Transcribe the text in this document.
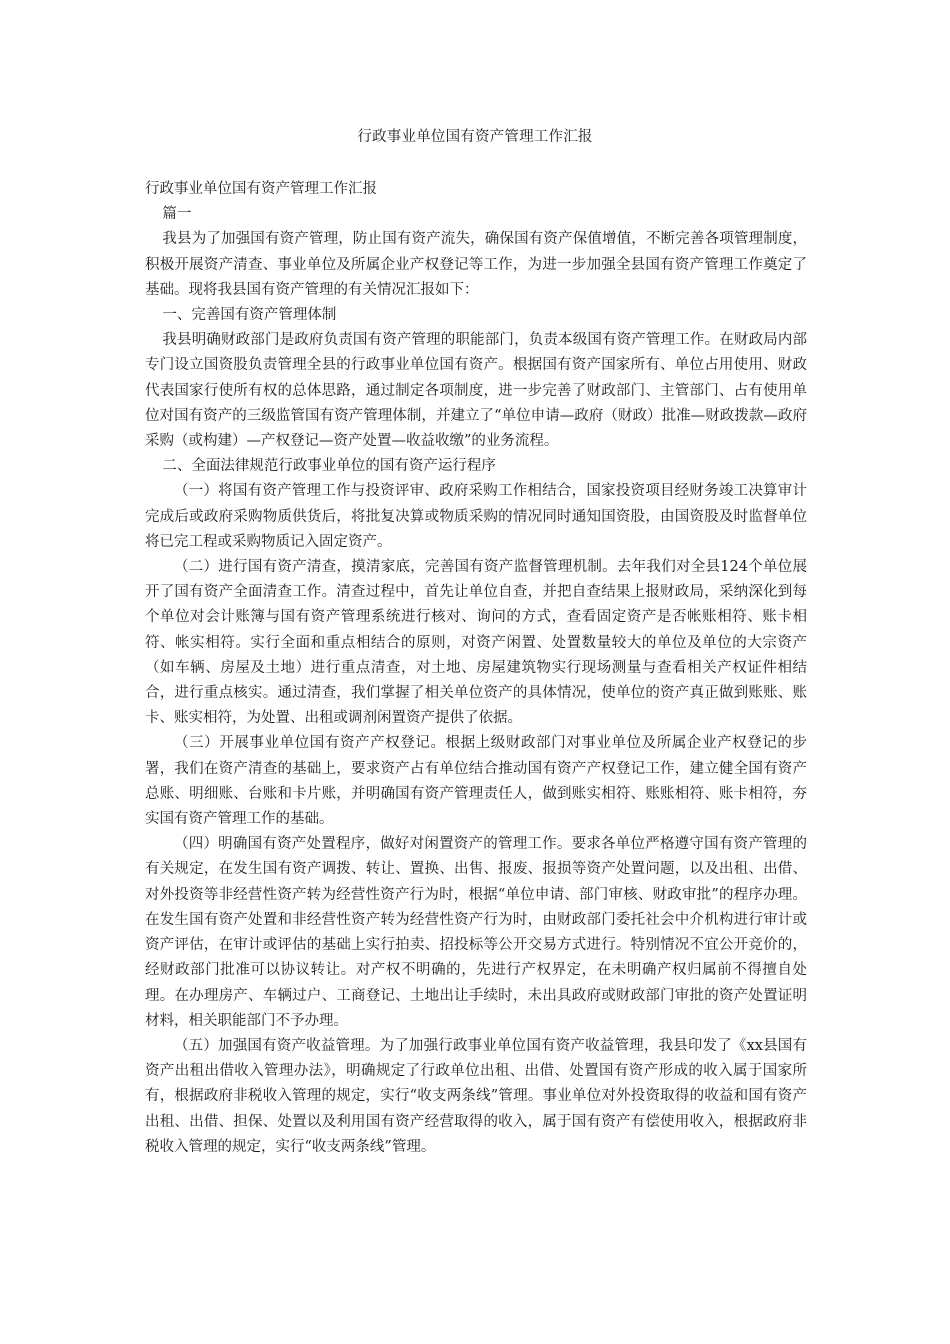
行政事业单位国有资产管理工作汇报

行政事业单位国有资产管理工作汇报

篇一

我县为了加强国有资产管理，防止国有资产流失，确保国有资产保值增值，不断完善各项管理制度，积极开展资产清查、事业单位及所属企业产权登记等工作，为进一步加强全县国有资产管理工作奠定了基础。现将我县国有资产管理的有关情况汇报如下：

一、完善国有资产管理体制

我县明确财政部门是政府负责国有资产管理的职能部门，负责本级国有资产管理工作。在财政局内部专门设立国资股负责管理全县的行政事业单位国有资产。根据国有资产国家所有、单位占用使用、财政代表国家行使所有权的总体思路，通过制定各项制度，进一步完善了财政部门、主管部门、占有使用单位对国有资产的三级监管国有资产管理体制，并建立了“单位申请—政府（财政）批准—财政拨款—政府采购（或构建）—产权登记—资产处置—收益收缴”的业务流程。

二、全面法律规范行政事业单位的国有资产运行程序

（一）将国有资产管理工作与投资评审、政府采购工作相结合，国家投资项目经财务竣工决算审计完成后或政府采购物质供货后，将批复决算或物质采购的情况同时通知国资股，由国资股及时监督单位将已完工程或采购物质记入固定资产。

（二）进行国有资产清查，摸清家底，完善国有资产监督管理机制。去年我们对全县124个单位展开了国有资产全面清查工作。清查过程中，首先让单位自查，并把自查结果上报财政局，采纳深化到每个单位对会计账簿与国有资产管理系统进行核对、询问的方式，查看固定资产是否帐账相符、账卡相符、帐实相符。实行全面和重点相结合的原则，对资产闲置、处置数量较大的单位及单位的大宗资产（如车辆、房屋及土地）进行重点清查，对土地、房屋建筑物实行现场测量与查看相关产权证件相结合，进行重点核实。通过清查，我们掌握了相关单位资产的具体情况，使单位的资产真正做到账账、账卡、账实相符，为处置、出租或调剂闲置资产提供了依据。

（三）开展事业单位国有资产产权登记。根据上级财政部门对事业单位及所属企业产权登记的步署，我们在资产清查的基础上，要求资产占有单位结合推动国有资产产权登记工作，建立健全国有资产总账、明细账、台账和卡片账，并明确国有资产管理责任人，做到账实相符、账账相符、账卡相符，夯实国有资产管理工作的基础。

（四）明确国有资产处置程序，做好对闲置资产的管理工作。要求各单位严格遵守国有资产管理的有关规定，在发生国有资产调拨、转让、置换、出售、报废、报损等资产处置问题，以及出租、出借、对外投资等非经营性资产转为经营性资产行为时，根据“单位申请、部门审核、财政审批”的程序办理。在发生国有资产处置和非经营性资产转为经营性资产行为时，由财政部门委托社会中介机构进行审计或资产评估，在审计或评估的基础上实行拍卖、招投标等公开交易方式进行。特别情况不宜公开竞价的，经财政部门批准可以协议转让。对产权不明确的，先进行产权界定，在未明确产权归属前不得擅自处理。在办理房产、车辆过户、工商登记、土地出让手续时，未出具政府或财政部门审批的资产处置证明材料，相关职能部门不予办理。

（五）加强国有资产收益管理。为了加强行政事业单位国有资产收益管理，我县印发了《xx县国有资产出租出借收入管理办法》，明确规定了行政单位出租、出借、处置国有资产形成的收入属于国家所有，根据政府非税收入管理的规定，实行“收支两条线”管理。事业单位对外投资取得的收益和国有资产出租、出借、担保、处置以及利用国有资产经营取得的收入，属于国有资产有偿使用收入，根据政府非税收入管理的规定，实行“收支两条线”管理。
